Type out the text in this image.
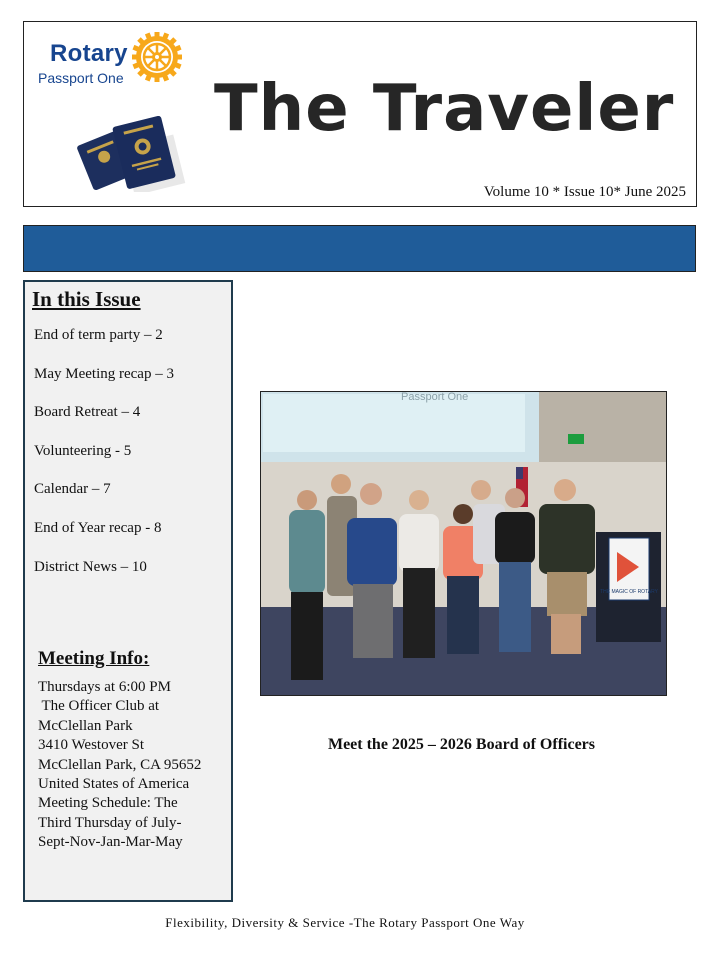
Rotary
Passport One The Traveler
Volume 10 * Issue 10* June 2025
In this Issue
End of term party – 2
May Meeting recap – 3
Board Retreat – 4
Volunteering - 5
Calendar – 7
End of Year recap - 8
District News – 10
Meeting Info:
Thursdays at 6:00 PM
The Officer Club at
McClellan Park
3410 Westover St
McClellan Park, CA 95652
United States of America
Meeting Schedule: The
Third Thursday of July-
Sept-Nov-Jan-Mar-May
Passport One
THE MAGIC OF ROTARY
Meet the 2025 – 2026 Board of Officers
Flexibility, Diversity & Service -The Rotary Passport One Way
